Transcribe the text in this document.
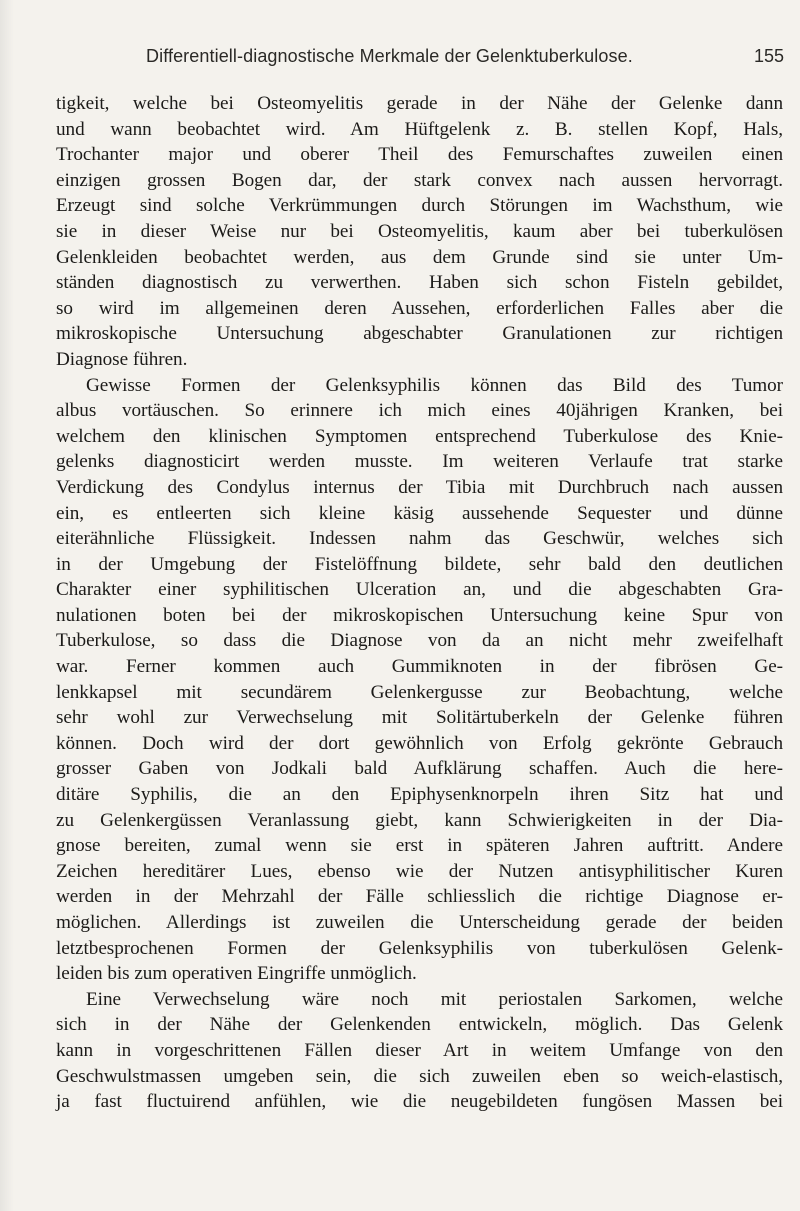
Differentiell-diagnostische Merkmale der Gelenktuberkulose.	155
tigkeit, welche bei Osteomyelitis gerade in der Nähe der Gelenke dann
und wann beobachtet wird. Am Hüftgelenk z. B. stellen Kopf, Hals,
Trochanter major und oberer Theil des Femurschaftes zuweilen einen
einzigen grossen Bogen dar, der stark convex nach aussen hervorragt.
Erzeugt sind solche Verkrümmungen durch Störungen im Wachsthum, wie
sie in dieser Weise nur bei Osteomyelitis, kaum aber bei tuberkulösen
Gelenkleiden beobachtet werden, aus dem Grunde sind sie unter Um-
ständen diagnostisch zu verwerthen. Haben sich schon Fisteln gebildet,
so wird im allgemeinen deren Aussehen, erforderlichen Falles aber die
mikroskopische Untersuchung abgeschabter Granulationen zur richtigen
Diagnose führen.
Gewisse Formen der Gelenksyphilis können das Bild des Tumor
albus vortäuschen. So erinnere ich mich eines 40jährigen Kranken, bei
welchem den klinischen Symptomen entsprechend Tuberkulose des Knie-
gelenks diagnosticirt werden musste. Im weiteren Verlaufe trat starke
Verdickung des Condylus internus der Tibia mit Durchbruch nach aussen
ein, es entleerten sich kleine käsig aussehende Sequester und dünne
eiterähnliche Flüssigkeit. Indessen nahm das Geschwür, welches sich
in der Umgebung der Fistelöffnung bildete, sehr bald den deutlichen
Charakter einer syphilitischen Ulceration an, und die abgeschabten Gra-
nulationen boten bei der mikroskopischen Untersuchung keine Spur von
Tuberkulose, so dass die Diagnose von da an nicht mehr zweifelhaft
war. Ferner kommen auch Gummiknoten in der fibrösen Ge-
lenkkapsel mit secundärem Gelenkergusse zur Beobachtung, welche
sehr wohl zur Verwechselung mit Solitärtuberkeln der Gelenke führen
können. Doch wird der dort gewöhnlich von Erfolg gekrönte Gebrauch
grosser Gaben von Jodkali bald Aufklärung schaffen. Auch die here-
ditäre Syphilis, die an den Epiphysenknorpeln ihren Sitz hat und
zu Gelenkergüssen Veranlassung giebt, kann Schwierigkeiten in der Dia-
gnose bereiten, zumal wenn sie erst in späteren Jahren auftritt. Andere
Zeichen hereditärer Lues, ebenso wie der Nutzen antisyphilitischer Kuren
werden in der Mehrzahl der Fälle schliesslich die richtige Diagnose er-
möglichen. Allerdings ist zuweilen die Unterscheidung gerade der beiden
letztbesprochenen Formen der Gelenksyphilis von tuberkulösen Gelenk-
leiden bis zum operativen Eingriffe unmöglich.
Eine Verwechselung wäre noch mit periostalen Sarkomen, welche
sich in der Nähe der Gelenkenden entwickeln, möglich. Das Gelenk
kann in vorgeschrittenen Fällen dieser Art in weitem Umfange von den
Geschwulstmassen umgeben sein, die sich zuweilen eben so weich-elastisch,
ja fast fluctuirend anfühlen, wie die neugebildeten fungösen Massen bei
